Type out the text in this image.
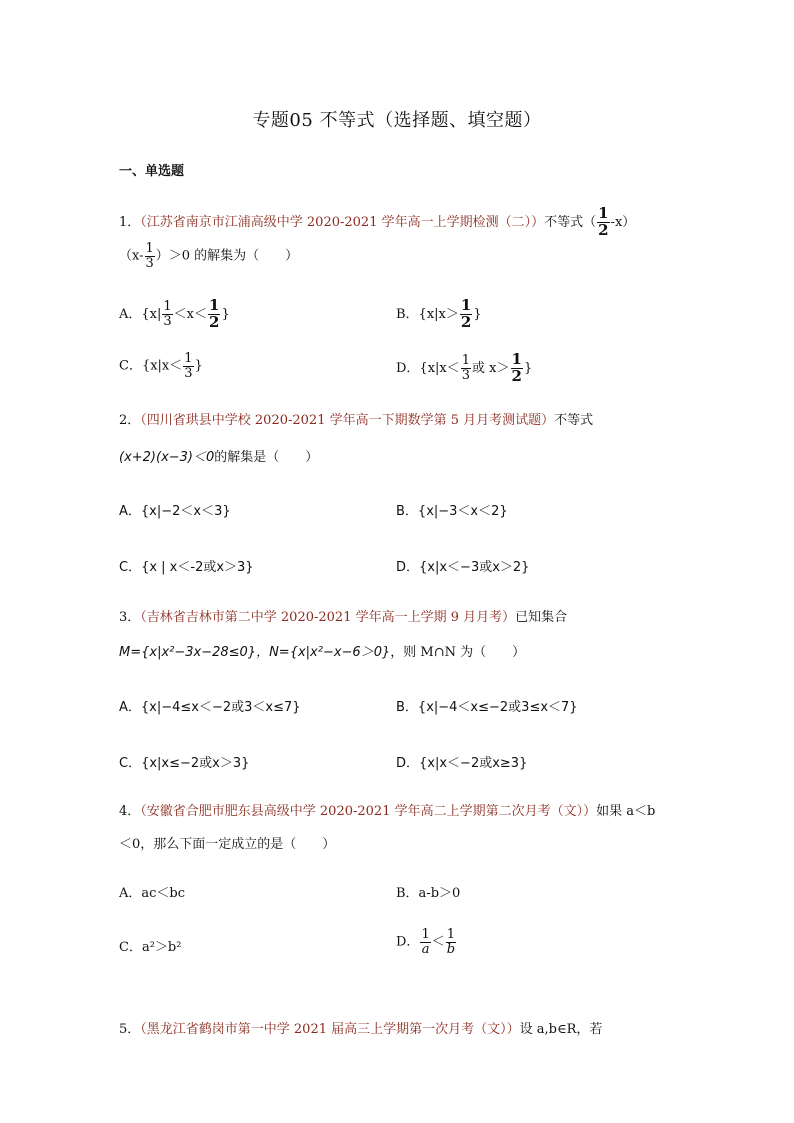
专题05 不等式（选择题、填空题）
一、单选题
1．（江苏省南京市江浦高级中学 2020-2021 学年高一上学期检测（二））不等式（ $\frac{1}{2} -x$）
$(x- \frac{1}{3} )>0$ 的解集为（　　）
A．{$x| \frac{1}{3} <x< \frac{1}{2}$ }	B．{$x|x> \frac{1}{2}$ }
C．{$x|x< \frac{1}{3}$ }	D．{$x|x< \frac{1}{3}$ 或 $x> \frac{1}{2}$ }
2．（四川省珙县中学校 2020-2021 学年高一下期数学第 5 月月考测试题）不等式
(x+2)(x−3)＜0的解集是（　　）
A．{x|−2＜x＜3}	B．{x|−3＜x＜2}
C．{x | x＜-2或x＞3}	D．{x|x＜−3或x＞2}
3．（吉林省吉林市第二中学 2020-2021 学年高一上学期 9 月月考）已知集合
M={x|x²−3x−28≤0}，N={x|x²−x−6＞0}，则 M∩N 为（　　）
A．{x|−4≤x＜−2或3＜x≤7}	B．{x|−4＜x≤−2或3≤x＜7}
C．{x|x≤−2或x＞3}	D．{x|x＜−2或x≥3}
4．（安徽省合肥市肥东县高级中学 2020-2021 学年高二上学期第二次月考（文））如果 a＜b
＜0，那么下面一定成立的是（　　）
A．ac＜bc	B．a-b＞0
C．a²＞b²	D． $\frac{1}{a}< \frac{1}{b}$
5．（黑龙江省鹤岗市第一中学 2021 届高三上学期第一次月考（文））设 a,b∈R，若
